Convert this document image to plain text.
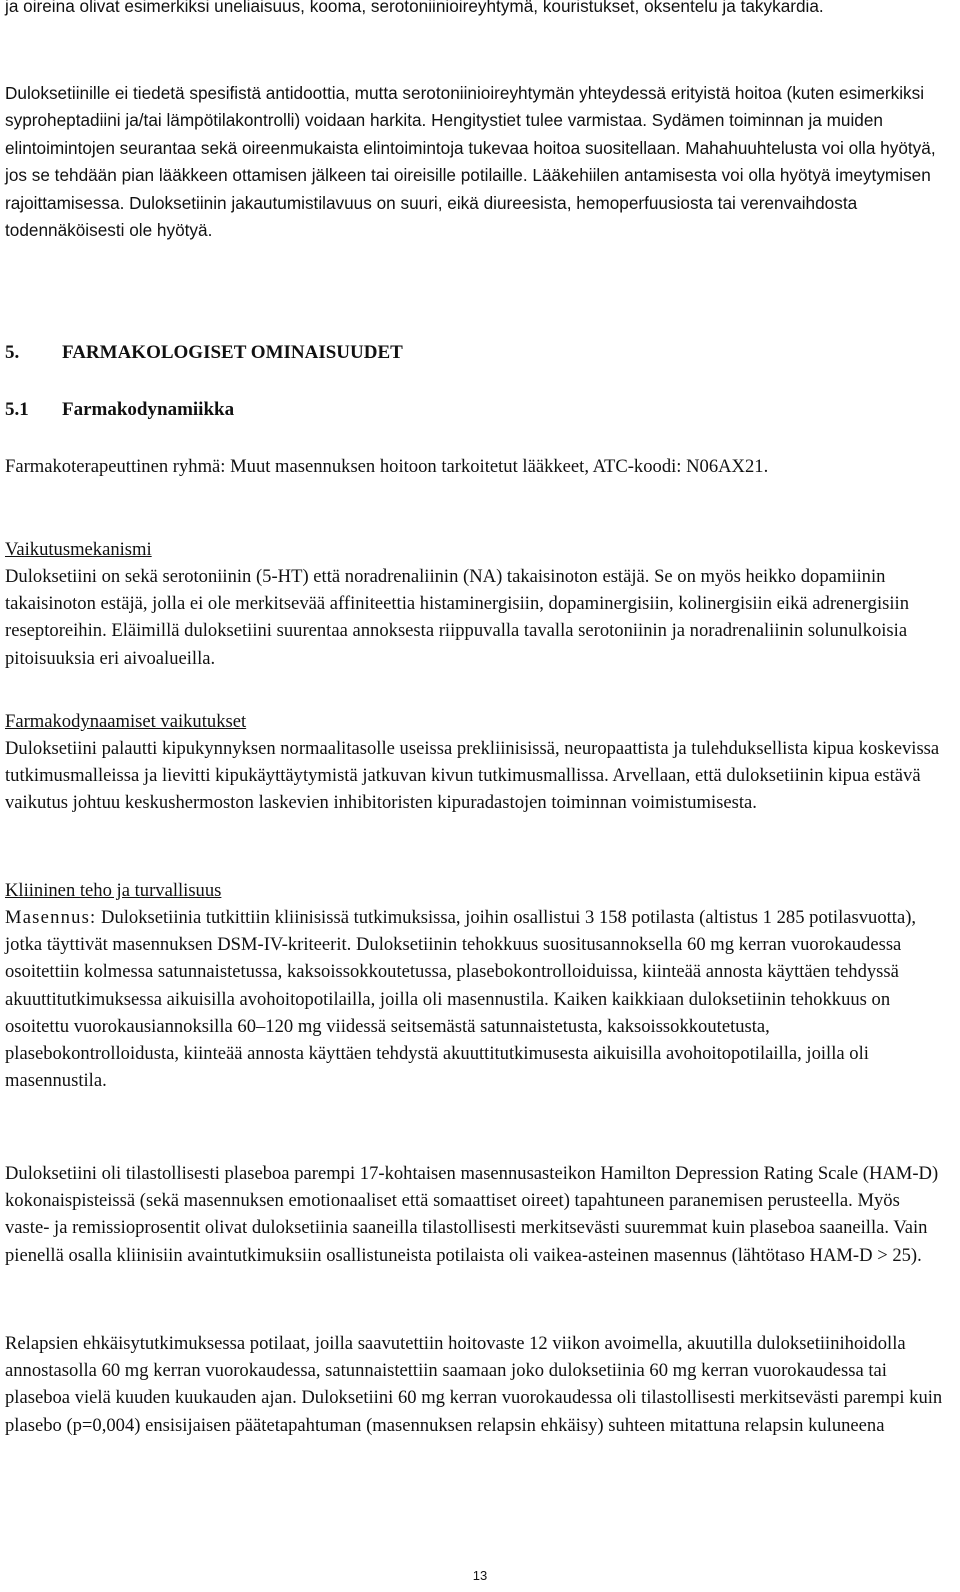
ja oireina olivat esimerkiksi uneliaisuus, kooma, serotoniinioireyhtymä, kouristukset, oksentelu ja takykardia.

Duloksetiinille ei tiedetä spesifistä antidoottia, mutta serotoniinioireyhtymän yhteydessä erityistä hoitoa (kuten esimerkiksi syproheptadiini ja/tai lämpötilakontrolli) voidaan harkita. Hengitystiet tulee varmistaa. Sydämen toiminnan ja muiden elintoimintojen seurantaa sekä oireenmukaista elintoimintoja tukevaa hoitoa suositellaan. Mahahuuhtelusta voi olla hyötyä, jos se tehdään pian lääkkeen ottamisen jälkeen tai oireisille potilaille. Lääkehiilen antamisesta voi olla hyötyä imeytymisen rajoittamisessa. Duloksetiinin jakautumistilavuus on suuri, eikä diureesista, hemoperfuusiosta tai verenvaihdosta todennäköisesti ole hyötyä.

5. FARMAKOLOGISET OMINAISUUDET

5.1 Farmakodynamiikka

Farmakoterapeuttinen ryhmä: Muut masennuksen hoitoon tarkoitetut lääkkeet, ATC-koodi: N06AX21.

Vaikutusmekanismi

Duloksetiini on sekä serotoniinin (5-HT) että noradrenaliinin (NA) takaisinoton estäjä. Se on myös heikko dopamiinin takaisinoton estäjä, jolla ei ole merkitsevää affiniteettia histaminergisiin, dopaminergisiin, kolinergisiin eikä adrenergisiin reseptoreihin. Eläimillä duloksetiini suurentaa annoksesta riippuvalla tavalla serotoniinin ja noradrenaliinin solunulkoisia pitoisuuksia eri aivoalueilla.

Farmakodynaamiset vaikutukset

Duloksetiini palautti kipukynnyksen normaalitasolle useissa prekliinisissä, neuropaattista ja tulehduksellista kipua koskevissa tutkimusmalleissa ja lievitti kipukäyttäytymistä jatkuvan kivun tutkimusmallissa. Arvellaan, että duloksetiinin kipua estävä vaikutus johtuu keskushermoston laskevien inhibitoristen kipuradastojen toiminnan voimistumisesta.

Kliininen teho ja turvallisuus

Masennus: Duloksetiinia tutkittiin kliinisissä tutkimuksissa, joihin osallistui 3 158 potilasta (altistus 1 285 potilasvuotta), jotka täyttivät masennuksen DSM-IV-kriteerit. Duloksetiinin tehokkuus suositusannoksella 60 mg kerran vuorokaudessa osoitettiin kolmessa satunnaistetussa, kaksoissokkoutetussa, plasebokontrolloiduissa, kiinteää annosta käyttäen tehdyssä akuuttitutkimuksessa aikuisilla avohoitopotilailla, joilla oli masennustila. Kaiken kaikkiaan duloksetiinin tehokkuus on osoitettu vuorokausiannoksilla 60–120 mg viidessä seitsemästä satunnaistetusta, kaksoissokkoutetusta, plasebokontrolloidusta, kiinteää annosta käyttäen tehdystä akuuttitutkimusesta aikuisilla avohoitopotilailla, joilla oli masennustila.

Duloksetiini oli tilastollisesti plaseboa parempi 17-kohtaisen masennusasteikon Hamilton Depression Rating Scale (HAM-D) kokonaispisteissä (sekä masennuksen emotionaaliset että somaattiset oireet) tapahtuneen paranemisen perusteella. Myös vaste- ja remissioprosentit olivat duloksetiinia saaneilla tilastollisesti merkitsevästi suuremmat kuin plaseboa saaneilla. Vain pienellä osalla kliinisiin avaintutkimuksiin osallistuneista potilaista oli vaikea-asteinen masennus (lähtötaso HAM-D > 25).

Relapsien ehkäisytutkimuksessa potilaat, joilla saavutettiin hoitovaste 12 viikon avoimella, akuutilla duloksetiinihoidolla annostasolla 60 mg kerran vuorokaudessa, satunnaistettiin saamaan joko duloksetiinia 60 mg kerran vuorokaudessa tai plaseboa vielä kuuden kuukauden ajan. Duloksetiini 60 mg kerran vuorokaudessa oli tilastollisesti merkitsevästi parempi kuin plasebo (p=0,004) ensisijaisen päätetapahtuman (masennuksen relapsin ehkäisy) suhteen mitattuna relapsin kuluneena

13
